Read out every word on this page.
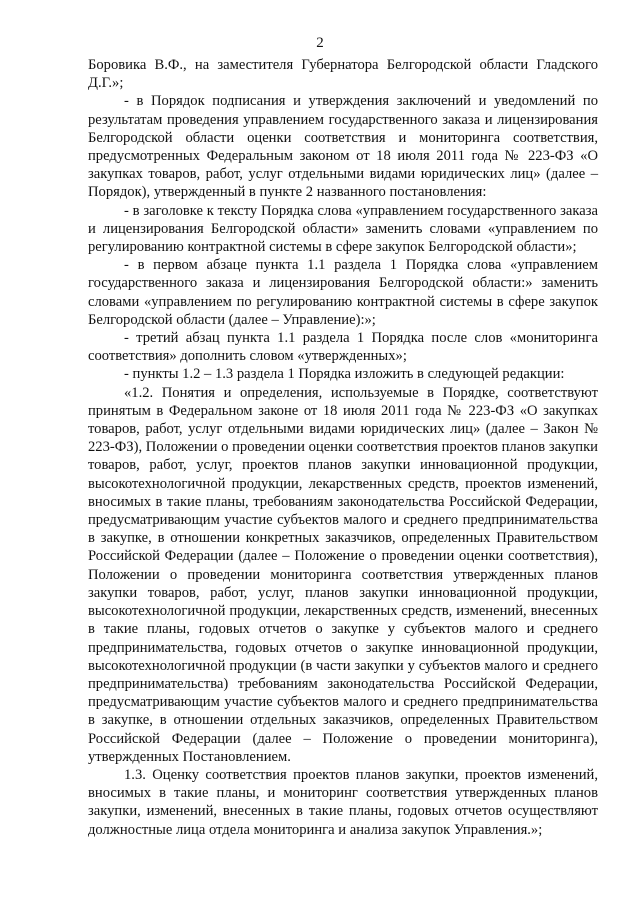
2

Боровика В.Ф., на заместителя Губернатора Белгородской области Гладского Д.Г.»;

- в Порядок подписания и утверждения заключений и уведомлений по результатам проведения управлением государственного заказа и лицензирования Белгородской области оценки соответствия и мониторинга соответствия, предусмотренных Федеральным законом от 18 июля 2011 года № 223-ФЗ «О закупках товаров, работ, услуг отдельными видами юридических лиц» (далее – Порядок), утвержденный в пункте 2 названного постановления:

- в заголовке к тексту Порядка слова «управлением государственного заказа и лицензирования Белгородской области» заменить словами «управлением по регулированию контрактной системы в сфере закупок Белгородской области»;

- в первом абзаце пункта 1.1 раздела 1 Порядка слова «управлением государственного заказа и лицензирования Белгородской области:» заменить словами «управлением по регулированию контрактной системы в сфере закупок Белгородской области (далее – Управление):»;

- третий абзац пункта 1.1 раздела 1 Порядка после слов «мониторинга соответствия» дополнить словом «утвержденных»;

- пункты 1.2 – 1.3 раздела 1 Порядка изложить в следующей редакции:

«1.2. Понятия и определения, используемые в Порядке, соответствуют принятым в Федеральном законе от 18 июля 2011 года № 223-ФЗ «О закупках товаров, работ, услуг отдельными видами юридических лиц» (далее – Закон № 223-ФЗ), Положении о проведении оценки соответствия проектов планов закупки товаров, работ, услуг, проектов планов закупки инновационной продукции, высокотехнологичной продукции, лекарственных средств, проектов изменений, вносимых в такие планы, требованиям законодательства Российской Федерации, предусматривающим участие субъектов малого и среднего предпринимательства в закупке, в отношении конкретных заказчиков, определенных Правительством Российской Федерации (далее – Положение о проведении оценки соответствия), Положении о проведении мониторинга соответствия утвержденных планов закупки товаров, работ, услуг, планов закупки инновационной продукции, высокотехнологичной продукции, лекарственных средств, изменений, внесенных в такие планы, годовых отчетов о закупке у субъектов малого и среднего предпринимательства, годовых отчетов о закупке инновационной продукции, высокотехнологичной продукции (в части закупки у субъектов малого и среднего предпринимательства) требованиям законодательства Российской Федерации, предусматривающим участие субъектов малого и среднего предпринимательства в закупке, в отношении отдельных заказчиков, определенных Правительством Российской Федерации (далее – Положение о проведении мониторинга), утвержденных Постановлением.

1.3. Оценку соответствия проектов планов закупки, проектов изменений, вносимых в такие планы, и мониторинг соответствия утвержденных планов закупки, изменений, внесенных в такие планы, годовых отчетов осуществляют должностные лица отдела мониторинга и анализа закупок Управления.»;
